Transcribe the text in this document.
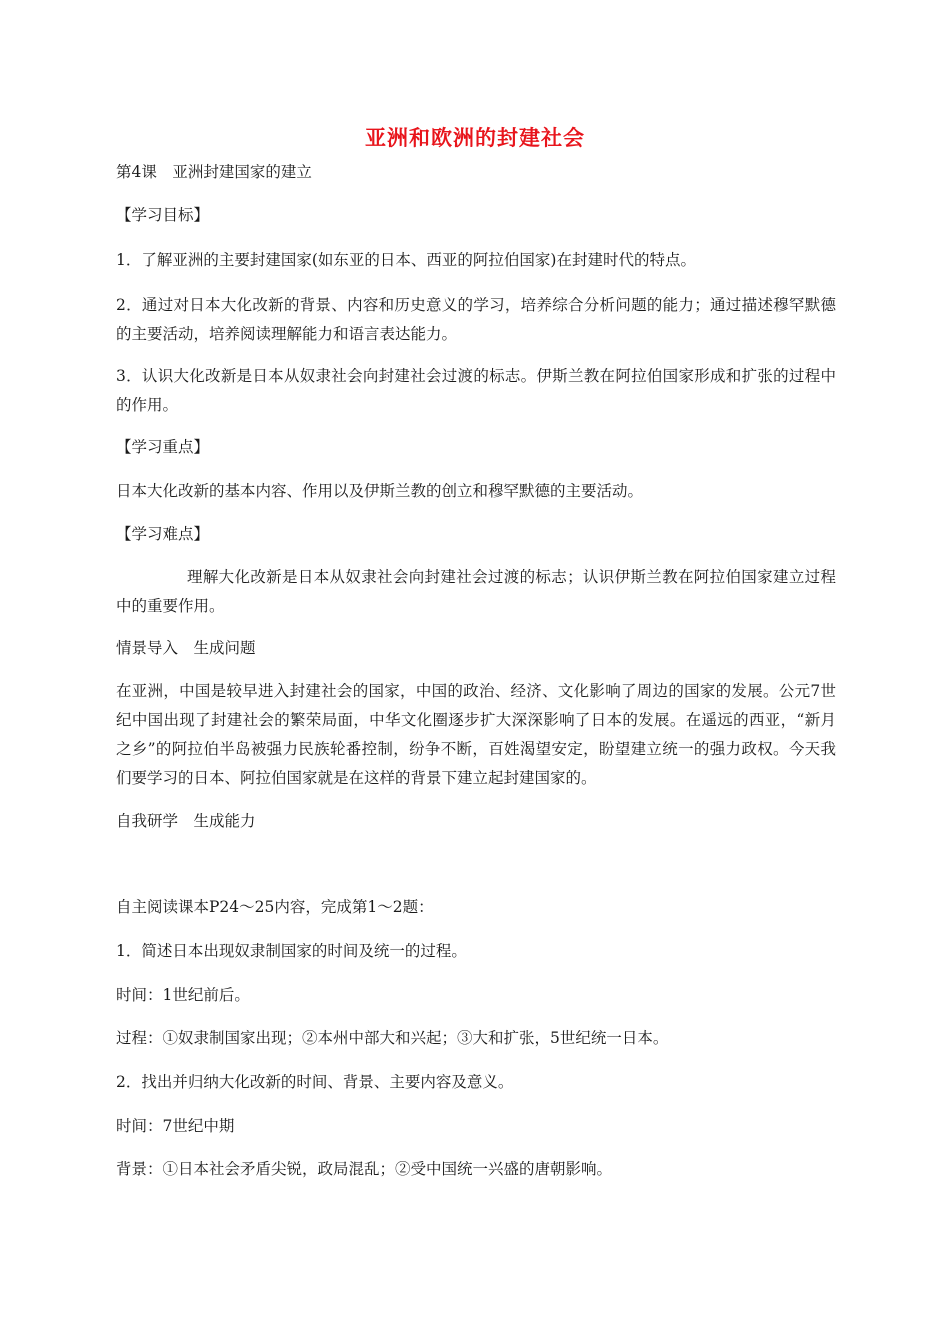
亚洲和欧洲的封建社会
第4课　亚洲封建国家的建立
【学习目标】
1．了解亚洲的主要封建国家(如东亚的日本、西亚的阿拉伯国家)在封建时代的特点。
2．通过对日本大化改新的背景、内容和历史意义的学习，培养综合分析问题的能力；通过描述穆罕默德的主要活动，培养阅读理解能力和语言表达能力。
3．认识大化改新是日本从奴隶社会向封建社会过渡的标志。伊斯兰教在阿拉伯国家形成和扩张的过程中的作用。
【学习重点】
日本大化改新的基本内容、作用以及伊斯兰教的创立和穆罕默德的主要活动。
【学习难点】
理解大化改新是日本从奴隶社会向封建社会过渡的标志；认识伊斯兰教在阿拉伯国家建立过程中的重要作用。
情景导入　生成问题
在亚洲，中国是较早进入封建社会的国家，中国的政治、经济、文化影响了周边的国家的发展。公元7世纪中国出现了封建社会的繁荣局面，中华文化圈逐步扩大深深影响了日本的发展。在遥远的西亚，“新月之乡”的阿拉伯半岛被强力民族轮番控制，纷争不断，百姓渴望安定，盼望建立统一的强力政权。今天我们要学习的日本、阿拉伯国家就是在这样的背景下建立起封建国家的。
自我研学　生成能力
自主阅读课本P24～25内容，完成第1～2题：
1．简述日本出现奴隶制国家的时间及统一的过程。
时间：1世纪前后。
过程：①奴隶制国家出现；②本州中部大和兴起；③大和扩张，5世纪统一日本。
2．找出并归纳大化改新的时间、背景、主要内容及意义。
时间：7世纪中期
背景：①日本社会矛盾尖锐，政局混乱；②受中国统一兴盛的唐朝影响。
